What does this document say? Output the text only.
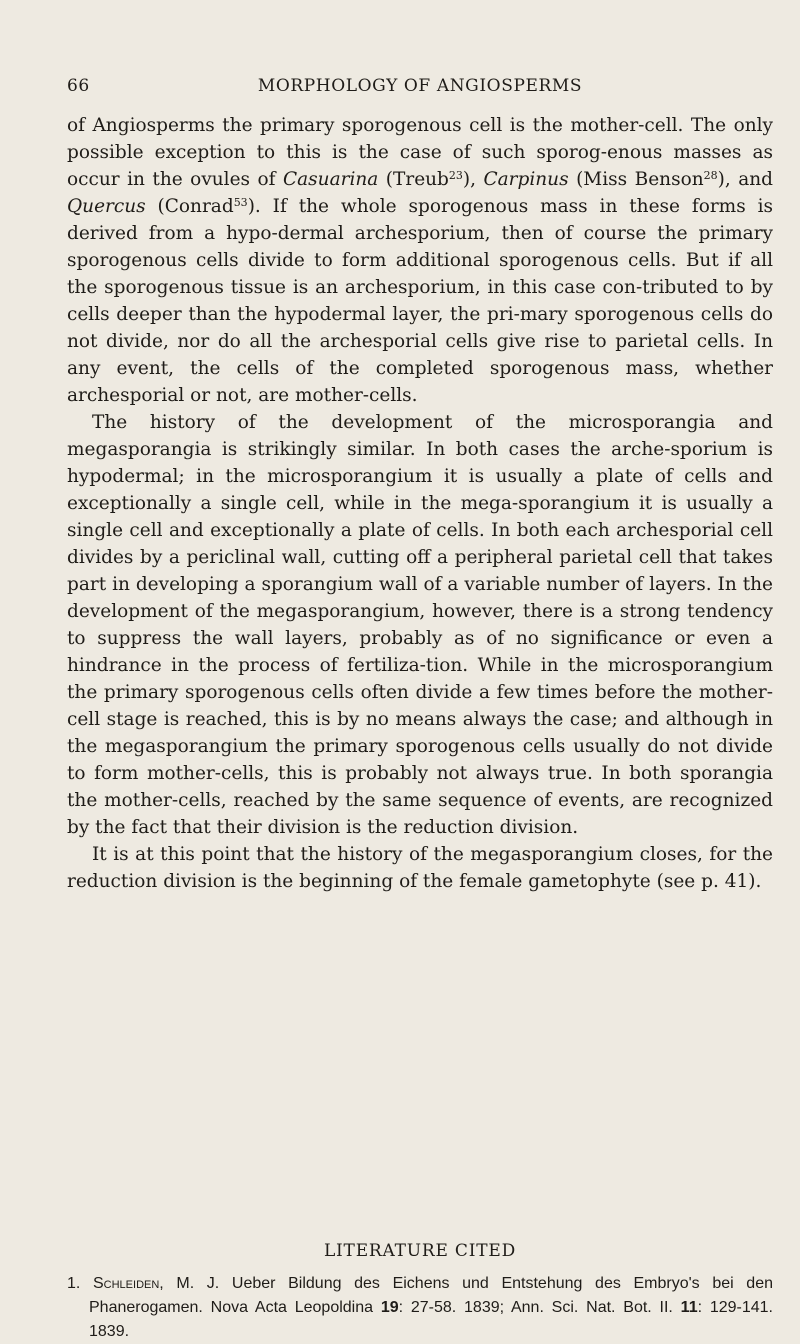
66	MORPHOLOGY OF ANGIOSPERMS

of Angiosperms the primary sporogenous cell is the mother-cell. The only possible exception to this is the case of such sporog-enous masses as occur in the ovules of Casuarina (Treub$^{23}$), Carpinus (Miss Benson$^{28}$), and Quercus (Conrad$^{53}$). If the whole sporogenous mass in these forms is derived from a hypo-dermal archesporium, then of course the primary sporogenous cells divide to form additional sporogenous cells. But if all the sporogenous tissue is an archesporium, in this case con-tributed to by cells deeper than the hypodermal layer, the pri-mary sporogenous cells do not divide, nor do all the archesporial cells give rise to parietal cells. In any event, the cells of the completed sporogenous mass, whether archesporial or not, are mother-cells.

The history of the development of the microsporangia and megasporangia is strikingly similar. In both cases the arche-sporium is hypodermal; in the microsporangium it is usually a plate of cells and exceptionally a single cell, while in the mega-sporangium it is usually a single cell and exceptionally a plate of cells. In both each archesporial cell divides by a periclinal wall, cutting off a peripheral parietal cell that takes part in developing a sporangium wall of a variable number of layers. In the development of the megasporangium, however, there is a strong tendency to suppress the wall layers, probably as of no significance or even a hindrance in the process of fertiliza-tion. While in the microsporangium the primary sporogenous cells often divide a few times before the mother-cell stage is reached, this is by no means always the case; and although in the megasporangium the primary sporogenous cells usually do not divide to form mother-cells, this is probably not always true. In both sporangia the mother-cells, reached by the same sequence of events, are recognized by the fact that their division is the reduction division.

It is at this point that the history of the megasporangium closes, for the reduction division is the beginning of the female gametophyte (see p. 41).

LITERATURE CITED
1. Schleiden, M. J. Ueber Bildung des Eichens und Entstehung des Embryo's bei den Phanerogamen. Nova Acta Leopoldina 19: 27-58. 1839; Ann. Sci. Nat. Bot. II. 11: 129-141. 1839.
